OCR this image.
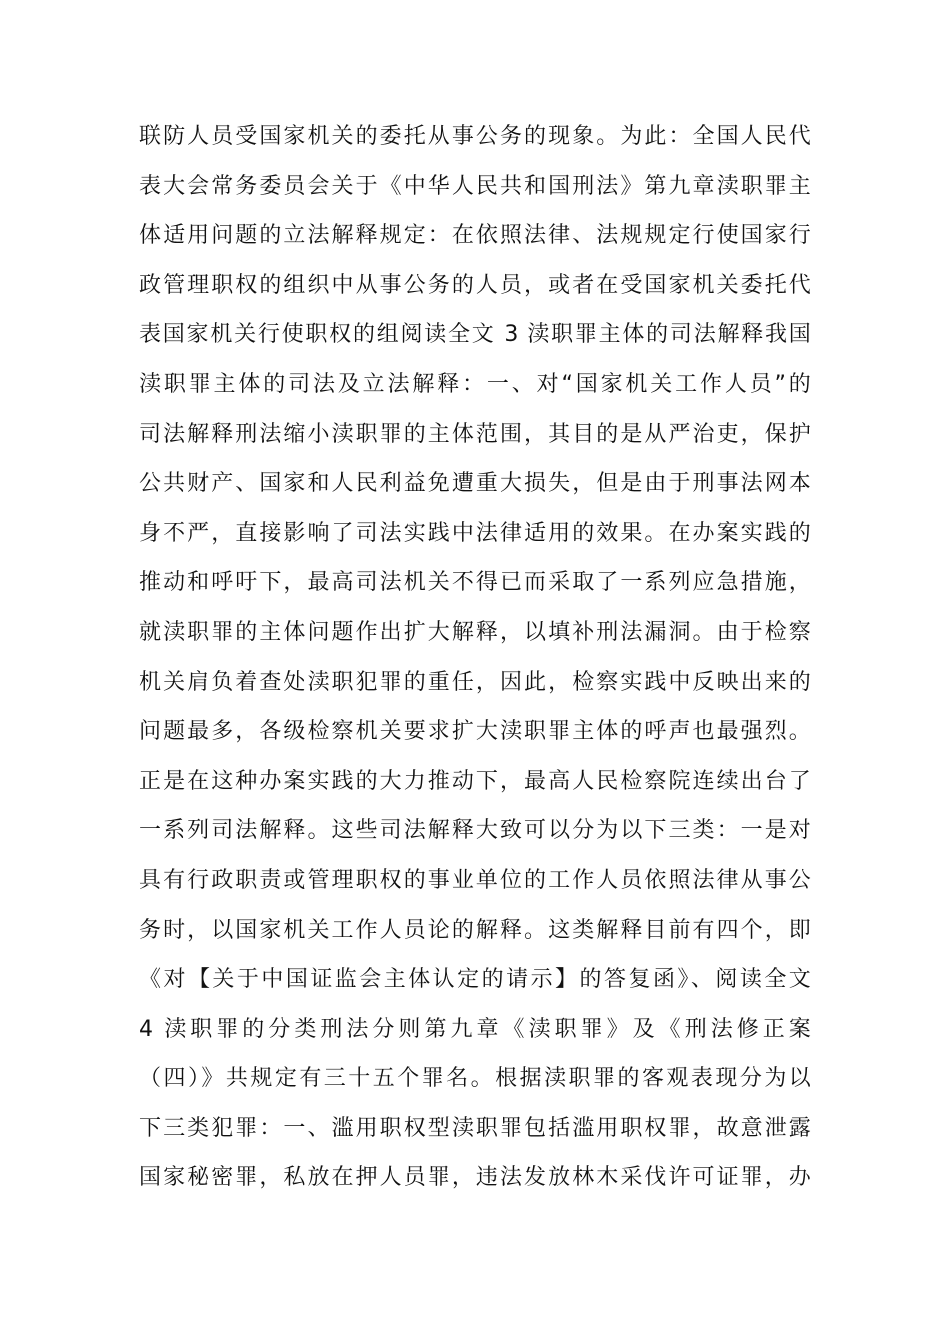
联防人员受国家机关的委托从事公务的现象。为此：全国人民代
表大会常务委员会关于《中华人民共和国刑法》第九章渎职罪主
体适用问题的立法解释规定：在依照法律、法规规定行使国家行
政管理职权的组织中从事公务的人员，或者在受国家机关委托代
表国家机关行使职权的组阅读全文 3 渎职罪主体的司法解释我国
渎职罪主体的司法及立法解释：一、对“国家机关工作人员”的
司法解释刑法缩小渎职罪的主体范围，其目的是从严治吏，保护
公共财产、国家和人民利益免遭重大损失，但是由于刑事法网本
身不严，直接影响了司法实践中法律适用的效果。在办案实践的
推动和呼吁下，最高司法机关不得已而采取了一系列应急措施，
就渎职罪的主体问题作出扩大解释，以填补刑法漏洞。由于检察
机关肩负着查处渎职犯罪的重任，因此，检察实践中反映出来的
问题最多，各级检察机关要求扩大渎职罪主体的呼声也最强烈。
正是在这种办案实践的大力推动下，最高人民检察院连续出台了
一系列司法解释。这些司法解释大致可以分为以下三类：一是对
具有行政职责或管理职权的事业单位的工作人员依照法律从事公
务时，以国家机关工作人员论的解释。这类解释目前有四个，即
《对【关于中国证监会主体认定的请示】的答复函》、阅读全文
4 渎职罪的分类刑法分则第九章《渎职罪》及《刑法修正案
（四）》共规定有三十五个罪名。根据渎职罪的客观表现分为以
下三类犯罪：一、滥用职权型渎职罪包括滥用职权罪，故意泄露
国家秘密罪，私放在押人员罪，违法发放林木采伐许可证罪，办
